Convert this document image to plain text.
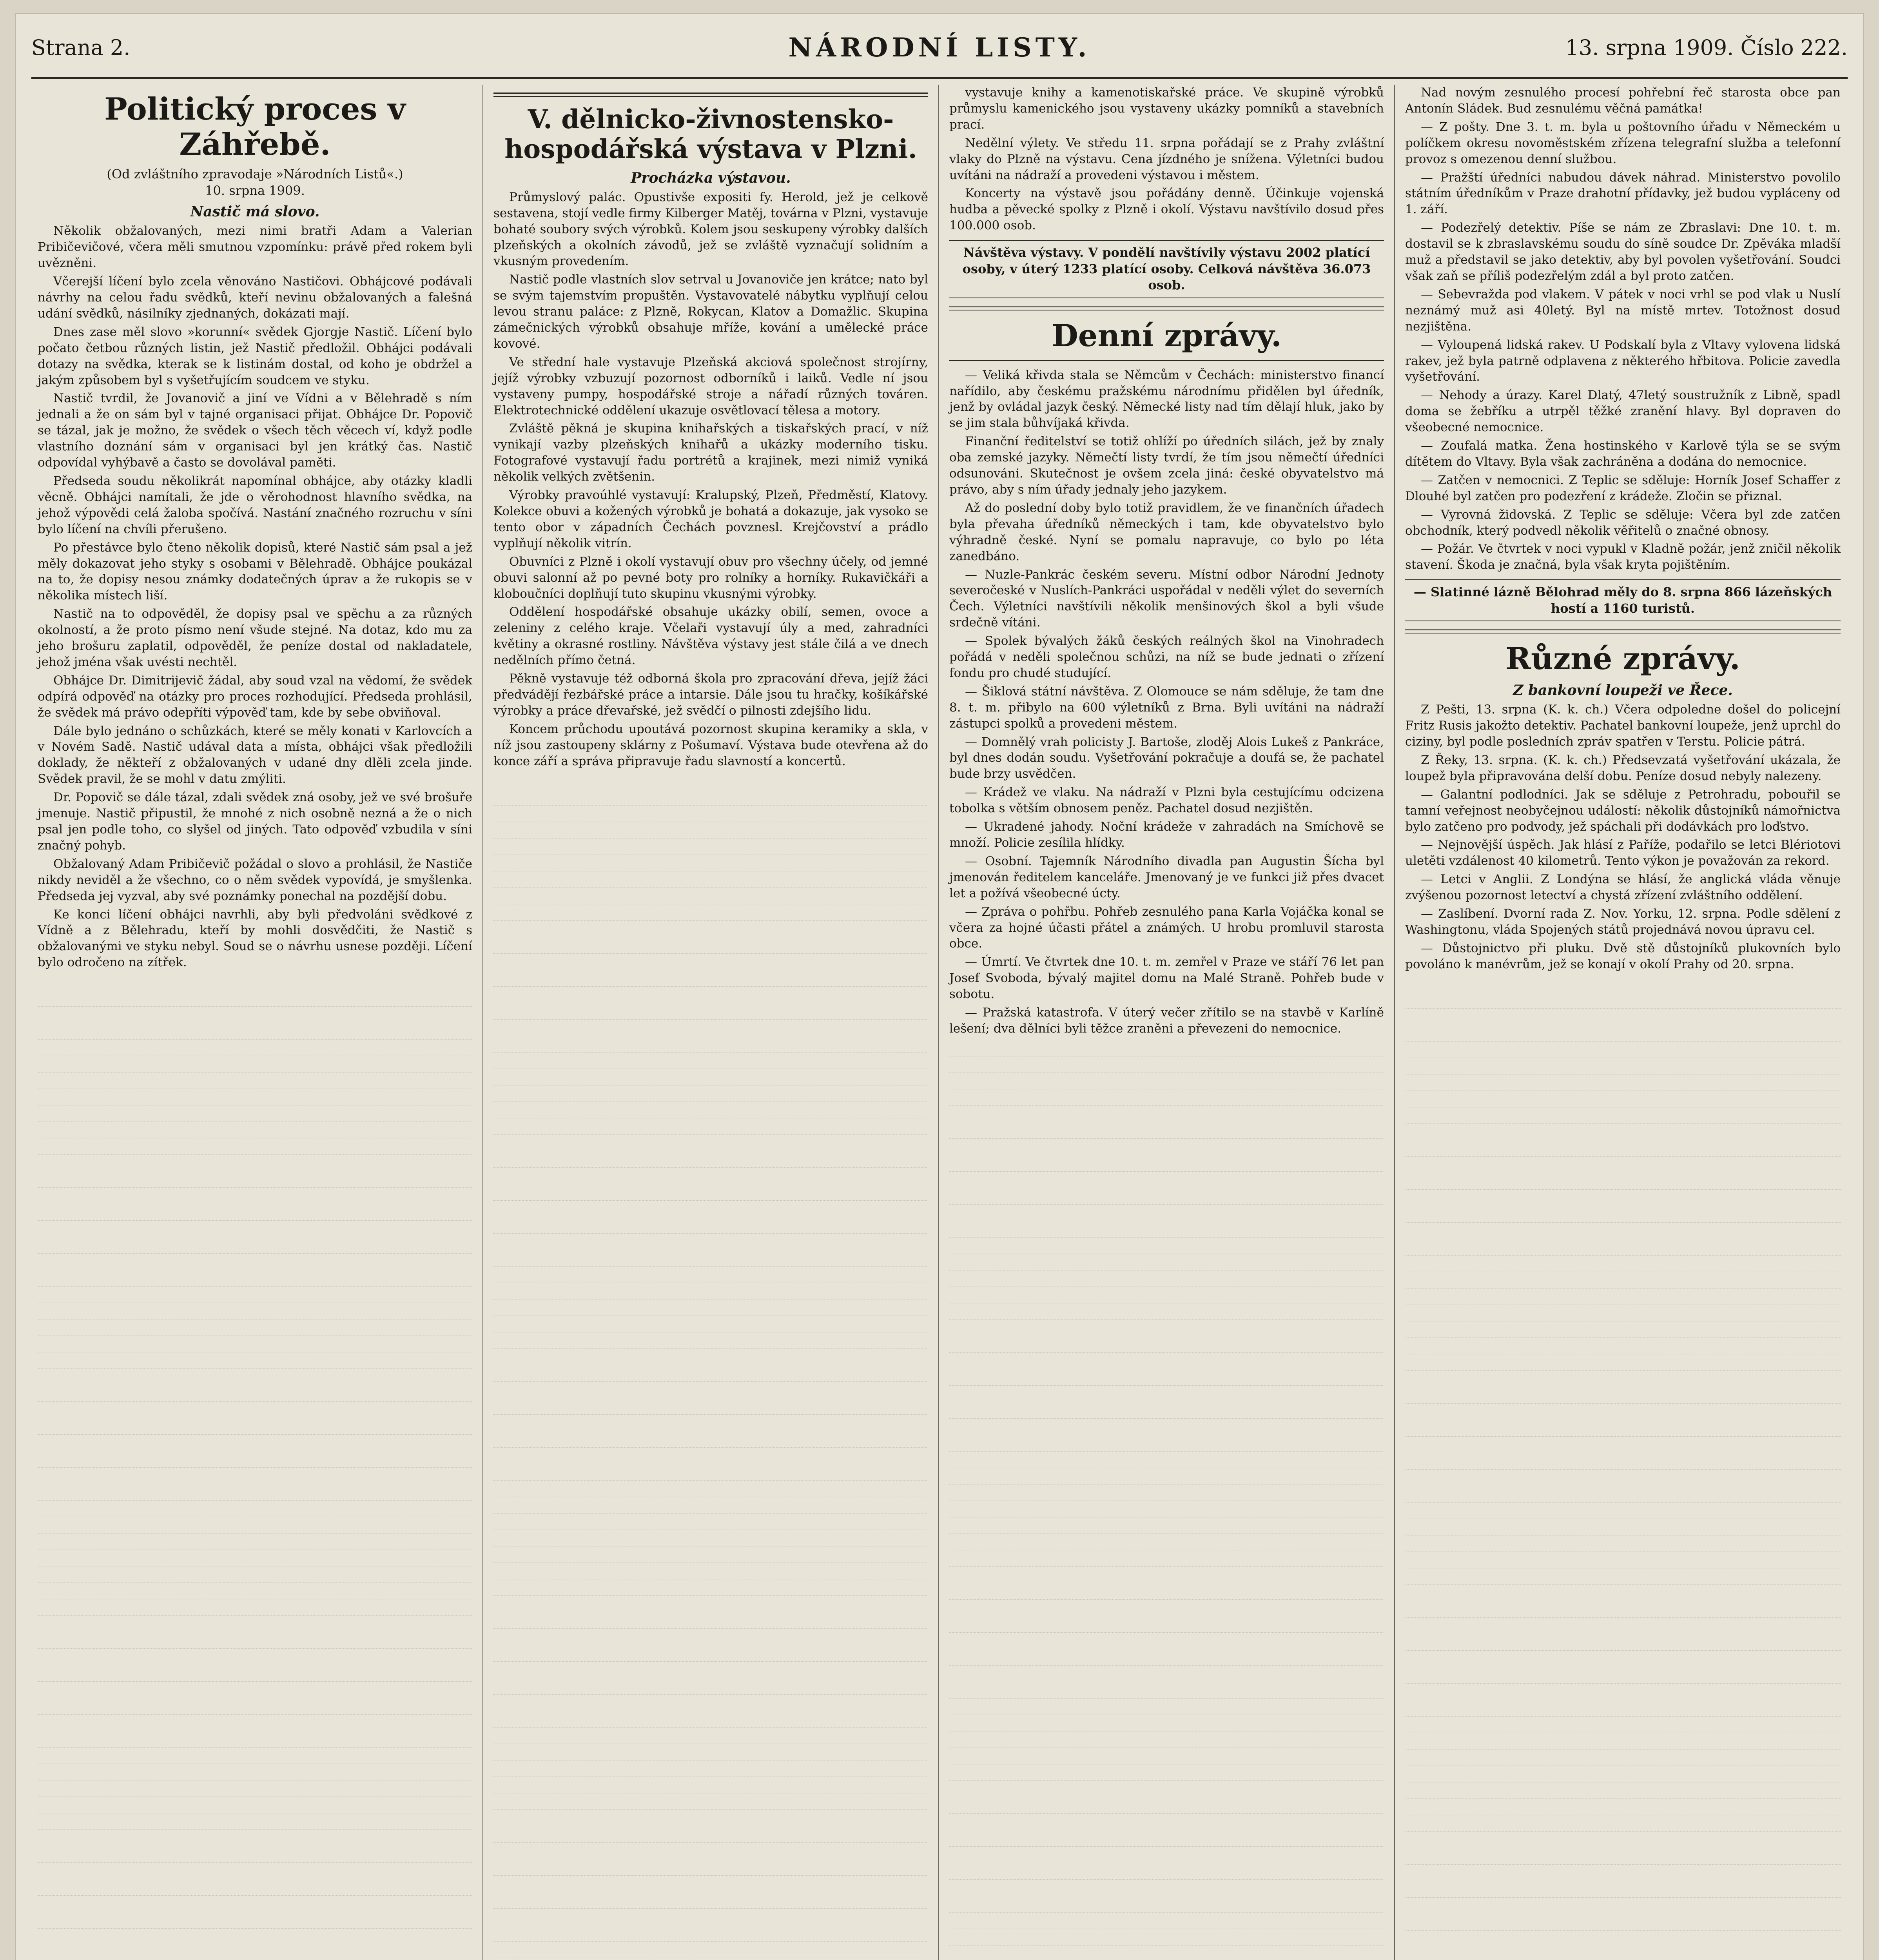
Strana 2.	NÁRODNÍ LISTY.	13. srpna 1909. Číslo 222.
Politický proces v Záhřebě.
(Od zvláštního zpravodaje »Národních Listů«.)
10. srpna 1909.
Nastič má slovo.

Několik obžalovaných, mezi nimi bratři Adam a Valerian Pribičevičové, včera měli smutnou vzpomínku: právě před rokem byli uvězněni.

Včerejší líčení bylo zcela věnováno Nastičovi. Obhájcové podávali návrhy na celou řadu svědků, kteří nevinu obžalovaných a falešná udání svědků, násilníky zjednaných, dokázati mají.

Dnes zase měl slovo »korunní« svědek Gjorgje Nastič. Líčení bylo počato četbou různých listin, jež Nastič předložil. Obhájci podávali dotazy na svědka, kterak se k listinám dostal, od koho je obdržel a jakým způsobem byl s vyšetřujícím soudcem ve styku.

Nastič tvrdil, že Jovanovič a jiní ve Vídni a v Bělehradě s ním jednali a že on sám byl v tajné organisaci přijat. Obhájce Dr. Popovič se tázal, jak je možno, že svědek o všech těch věcech ví, když podle vlastního doznání sám v organisaci byl jen krátký čas. Nastič odpovídal vyhýbavě a často se dovolával paměti.

Předseda soudu několikrát napomínal obhájce, aby otázky kladli věcně. Obhájci namítali, že jde o věrohodnost hlavního svědka, na jehož výpovědi celá žaloba spočívá. Nastání značného rozruchu v síni bylo líčení na chvíli přerušeno.

Po přestávce bylo čteno několik dopisů, které Nastič sám psal a jež měly dokazovat jeho styky s osobami v Bělehradě. Obhájce poukázal na to, že dopisy nesou známky dodatečných úprav a že rukopis se v několika místech liší.

Nastič na to odpověděl, že dopisy psal ve spěchu a za různých okolností, a že proto písmo není všude stejné. Na dotaz, kdo mu za jeho brošuru zaplatil, odpověděl, že peníze dostal od nakladatele, jehož jména však uvésti nechtěl.

Obhájce Dr. Dimitrijevič žádal, aby soud vzal na vědomí, že svědek odpírá odpověď na otázky pro proces rozhodující. Předseda prohlásil, že svědek má právo odepříti výpověď tam, kde by sebe obviňoval.

Dále bylo jednáno o schůzkách, které se měly konati v Karlovcích a v Novém Sadě. Nastič udával data a místa, obhájci však předložili doklady, že někteří z obžalovaných v udané dny dlěli zcela jinde. Svědek pravil, že se mohl v datu zmýliti.

Dr. Popovič se dále tázal, zdali svědek zná osoby, jež ve své brošuře jmenuje. Nastič připustil, že mnohé z nich osobně nezná a že o nich psal jen podle toho, co slyšel od jiných. Tato odpověď vzbudila v síni značný pohyb.

Obžalovaný Adam Pribičevič požádal o slovo a prohlásil, že Nastiče nikdy neviděl a že všechno, co o něm svědek vypovídá, je smyšlenka. Předseda jej vyzval, aby své poznámky ponechal na pozdější dobu.

Ke konci líčení obhájci navrhli, aby byli předvoláni svědkové z Vídně a z Bělehradu, kteří by mohli dosvědčiti, že Nastič s obžalovanými ve styku nebyl. Soud se o návrhu usnese později. Líčení bylo odročeno na zítřek.

V. dělnicko-živnostensko-hospodářská výstava v Plzni.
Procházka výstavou.

Průmyslový palác. Opustivše expositi fy. Herold, jež je celkově sestavena, stojí vedle firmy Kilberger Matěj, továrna v Plzni, vystavuje bohaté soubory svých výrobků. Kolem jsou seskupeny výrobky dalších plzeňských a okolních závodů, jež se zvláště vyznačují solidním a vkusným provedením.

Nastič podle vlastních slov setrval u Jovanoviče jen krátce; nato byl se svým tajemstvím propuštěn. Vystavovatelé nábytku vyplňují celou levou stranu paláce: z Plzně, Rokycan, Klatov a Domažlic. Skupina zámečnických výrobků obsahuje mříže, kování a umělecké práce kovové.

Ve střední hale vystavuje Plzeňská akciová společnost strojírny, jejíž výrobky vzbuzují pozornost odborníků i laiků. Vedle ní jsou vystaveny pumpy, hospodářské stroje a nářadí různých továren. Elektrotechnické oddělení ukazuje osvětlovací tělesa a motory.

Zvláště pěkná je skupina knihařských a tiskařských prací, v níž vynikají vazby plzeňských knihařů a ukázky moderního tisku. Fotografové vystavují řadu portrétů a krajinek, mezi nimiž vyniká několik velkých zvětšenin.

Výrobky pravoúhlé vystavují: Kralupský, Plzeň, Předměstí, Klatovy. Kolekce obuvi a kožených výrobků je bohatá a dokazuje, jak vysoko se tento obor v západních Čechách povznesl. Krejčovství a prádlo vyplňují několik vitrín.

Obuvníci z Plzně i okolí vystavují obuv pro všechny účely, od jemné obuvi salonní až po pevné boty pro rolníky a horníky. Rukavičkáři a kloboučníci doplňují tuto skupinu vkusnými výrobky.

Oddělení hospodářské obsahuje ukázky obilí, semen, ovoce a zeleniny z celého kraje. Včelaři vystavují úly a med, zahradníci květiny a okrasné rostliny. Návštěva výstavy jest stále čilá a ve dnech nedělních přímo četná.

Pěkně vystavuje též odborná škola pro zpracování dřeva, jejíž žáci předvádějí řezbářské práce a intarsie. Dále jsou tu hračky, košíkářské výrobky a práce dřevařské, jež svědčí o pilnosti zdejšího lidu.

Koncem průchodu upoutává pozornost skupina keramiky a skla, v níž jsou zastoupeny sklárny z Pošumaví. Výstava bude otevřena až do konce září a správa připravuje řadu slavností a koncertů.

vystavuje knihy a kamenotiskařské práce. Ve skupině výrobků průmyslu kamenického jsou vystaveny ukázky pomníků a stavebních prací.

Nedělní výlety. Ve středu 11. srpna pořádají se z Prahy zvláštní vlaky do Plzně na výstavu. Cena jízdného je snížena. Výletníci budou uvítáni na nádraží a provedeni výstavou i městem.

Koncerty na výstavě jsou pořádány denně. Účinkuje vojenská hudba a pěvecké spolky z Plzně i okolí. Výstavu navštívilo dosud přes 100.000 osob.

Návštěva výstavy. V pondělí navštívily výstavu 2002 platící osoby, v úterý 1233 platící osoby. Celková návštěva 36.073 osob.
Denní zprávy.

— Veliká křivda stala se Němcům v Čechách: ministerstvo financí nařídilo, aby českému pražskému národnímu přidělen byl úředník, jenž by ovládal jazyk český. Německé listy nad tím dělají hluk, jako by se jim stala bůhvíjaká křivda.

Finanční ředitelství se totiž ohlíží po úředních silách, jež by znaly oba zemské jazyky. Němečtí listy tvrdí, že tím jsou němečtí úředníci odsunováni. Skutečnost je ovšem zcela jiná: české obyvatelstvo má právo, aby s ním úřady jednaly jeho jazykem.

Až do poslední doby bylo totiž pravidlem, že ve finančních úřadech byla převaha úředníků německých i tam, kde obyvatelstvo bylo výhradně české. Nyní se pomalu napravuje, co bylo po léta zanedbáno.

— Nuzle-Pankrác českém severu. Místní odbor Národní Jednoty severočeské v Nuslích-Pankráci uspořádal v neděli výlet do severních Čech. Výletníci navštívili několik menšinových škol a byli všude srdečně vítáni.

— Spolek bývalých žáků českých reálných škol na Vinohradech pořádá v neděli společnou schůzi, na níž se bude jednati o zřízení fondu pro chudé studující.

— Šiklová státní návštěva. Z Olomouce se nám sděluje, že tam dne 8. t. m. přibylo na 600 výletníků z Brna. Byli uvítáni na nádraží zástupci spolků a provedeni městem.

— Domnělý vrah policisty J. Bartoše, zloděj Alois Lukeš z Pankráce, byl dnes dodán soudu. Vyšetřování pokračuje a doufá se, že pachatel bude brzy usvědčen.

— Krádež ve vlaku. Na nádraží v Plzni byla cestujícímu odcizena tobolka s větším obnosem peněz. Pachatel dosud nezjištěn.

— Ukradené jahody. Noční krádeže v zahradách na Smíchově se množí. Policie zesílila hlídky.

— Osobní. Tajemník Národního divadla pan Augustin Šícha byl jmenován ředitelem kanceláře. Jmenovaný je ve funkci již přes dvacet let a požívá všeobecné úcty.

— Zpráva o pohřbu. Pohřeb zesnulého pana Karla Vojáčka konal se včera za hojné účasti přátel a známých. U hrobu promluvil starosta obce.

— Úmrtí. Ve čtvrtek dne 10. t. m. zemřel v Praze ve stáří 76 let pan Josef Svoboda, bývalý majitel domu na Malé Straně. Pohřeb bude v sobotu.

— Pražská katastrofa. V úterý večer zřítilo se na stavbě v Karlíně lešení; dva dělníci byli těžce zraněni a převezeni do nemocnice.

Nad novým zesnulého procesí pohřební řeč starosta obce pan Antonín Sládek. Bud zesnulému věčná památka!

— Z pošty. Dne 3. t. m. byla u poštovního úřadu v Německém u políčkem okresu novoměstském zřízena telegrafní služba a telefonní provoz s omezenou denní službou.

— Pražští úředníci nabudou dávek náhrad. Ministerstvo povolilo státním úředníkům v Praze drahotní přídavky, jež budou vypláceny od 1. září.

— Podezřelý detektiv. Píše se nám ze Zbraslavi: Dne 10. t. m. dostavil se k zbraslavskému soudu do síně soudce Dr. Zpěváka mladší muž a představil se jako detektiv, aby byl povolen vyšetřování. Soudci však zaň se příliš podezřelým zdál a byl proto zatčen.

— Sebevražda pod vlakem. V pátek v noci vrhl se pod vlak u Nuslí neznámý muž asi 40letý. Byl na místě mrtev. Totožnost dosud nezjištěna.

— Vyloupená lidská rakev. U Podskalí byla z Vltavy vylovena lidská rakev, jež byla patrně odplavena z některého hřbitova. Policie zavedla vyšetřování.

— Nehody a úrazy. Karel Dlatý, 47letý soustružník z Libně, spadl doma se žebříku a utrpěl těžké zranění hlavy. Byl dopraven do všeobecné nemocnice.

— Zoufalá matka. Žena hostinského v Karlově týla se se svým dítětem do Vltavy. Byla však zachráněna a dodána do nemocnice.

— Zatčen v nemocnici. Z Teplic se sděluje: Horník Josef Schaffer z Dlouhé byl zatčen pro podezření z krádeže. Zločin se přiznal.

— Vyrovná židovská. Z Teplic se sděluje: Včera byl zde zatčen obchodník, který podvedl několik věřitelů o značné obnosy.

— Požár. Ve čtvrtek v noci vypukl v Kladně požár, jenž zničil několik stavení. Škoda je značná, byla však kryta pojištěním.

— Slatinné lázně Bělohrad měly do 8. srpna 866 lázeňských hostí a 1160 turistů.
Různé zprávy.
Z bankovní loupeži ve Řece.

Z Pešti, 13. srpna (K. k. ch.) Včera odpoledne došel do policejní Fritz Rusis jakožto detektiv. Pachatel bankovní loupeže, jenž uprchl do ciziny, byl podle posledních zpráv spatřen v Terstu. Policie pátrá.

Z Řeky, 13. srpna. (K. k. ch.) Předsevzatá vyšetřování ukázala, že loupež byla připravována delší dobu. Peníze dosud nebyly nalezeny.

— Galantní podlodníci. Jak se sděluje z Petrohradu, pobouřil se tamní veřejnost neobyčejnou událostí: několik důstojníků námořnictva bylo zatčeno pro podvody, jež spáchali při dodávkách pro loďstvo.

— Nejnovější úspěch. Jak hlásí z Paříže, podařilo se letci Blériotovi uletěti vzdálenost 40 kilometrů. Tento výkon je považován za rekord.

— Letci v Anglii. Z Londýna se hlásí, že anglická vláda věnuje zvýšenou pozornost letectví a chystá zřízení zvláštního oddělení.

— Zaslíbení. Dvorní rada Z. Nov. Yorku, 12. srpna. Podle sdělení z Washingtonu, vláda Spojených států projednává novou úpravu cel.

— Důstojnictvo při pluku. Dvě stě důstojníků plukovních bylo povoláno k manévrům, jež se konají v okolí Prahy od 20. srpna.
